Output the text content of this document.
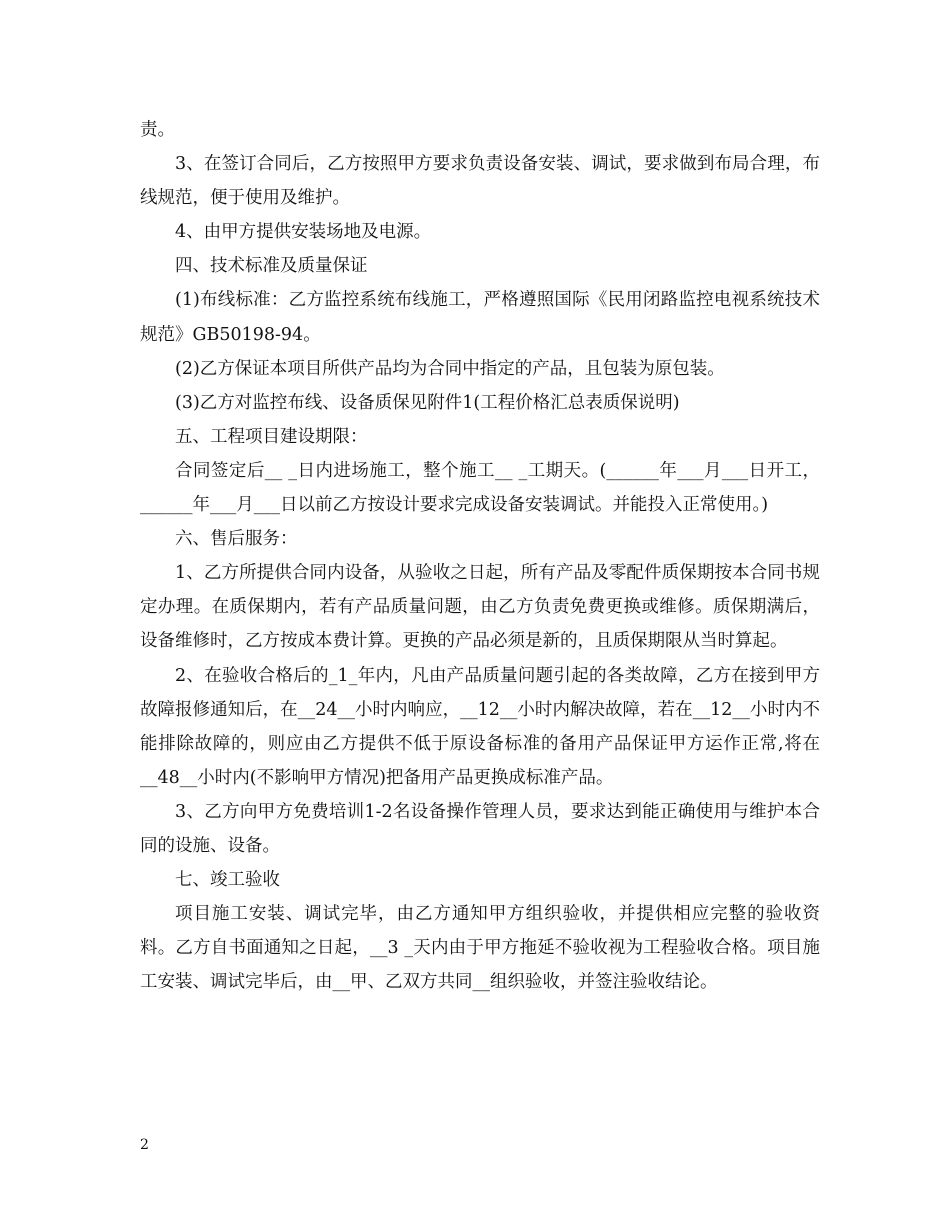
责。

3、在签订合同后，乙方按照甲方要求负责设备安装、调试，要求做到布局合理，布线规范，便于使用及维护。

4、由甲方提供安装场地及电源。

四、技术标准及质量保证

(1)布线标准：乙方监控系统布线施工，严格遵照国际《民用闭路监控电视系统技术规范》GB50198-94。

(2)乙方保证本项目所供产品均为合同中指定的产品，且包装为原包装。

(3)乙方对监控布线、设备质保见附件1(工程价格汇总表质保说明)

五、工程项目建设期限：

合同签定后__ _日内进场施工，整个施工__ _工期天。(______年___月___日开工，______年___月___日以前乙方按设计要求完成设备安装调试。并能投入正常使用。)

六、售后服务：

1、乙方所提供合同内设备，从验收之日起，所有产品及零配件质保期按本合同书规定办理。在质保期内，若有产品质量问题，由乙方负责免费更换或维修。质保期满后，设备维修时，乙方按成本费计算。更换的产品必须是新的，且质保期限从当时算起。

2、在验收合格后的_1_年内，凡由产品质量问题引起的各类故障，乙方在接到甲方故障报修通知后，在__24__小时内响应，__12__小时内解决故障，若在__12__小时内不能排除故障的，则应由乙方提供不低于原设备标准的备用产品保证甲方运作正常,将在__48__小时内(不影响甲方情况)把备用产品更换成标准产品。

3、乙方向甲方免费培训1-2名设备操作管理人员，要求达到能正确使用与维护本合同的设施、设备。

七、竣工验收

项目施工安装、调试完毕，由乙方通知甲方组织验收，并提供相应完整的验收资料。乙方自书面通知之日起，__3 _天内由于甲方拖延不验收视为工程验收合格。项目施工安装、调试完毕后，由__甲、乙双方共同__组织验收，并签注验收结论。

2
